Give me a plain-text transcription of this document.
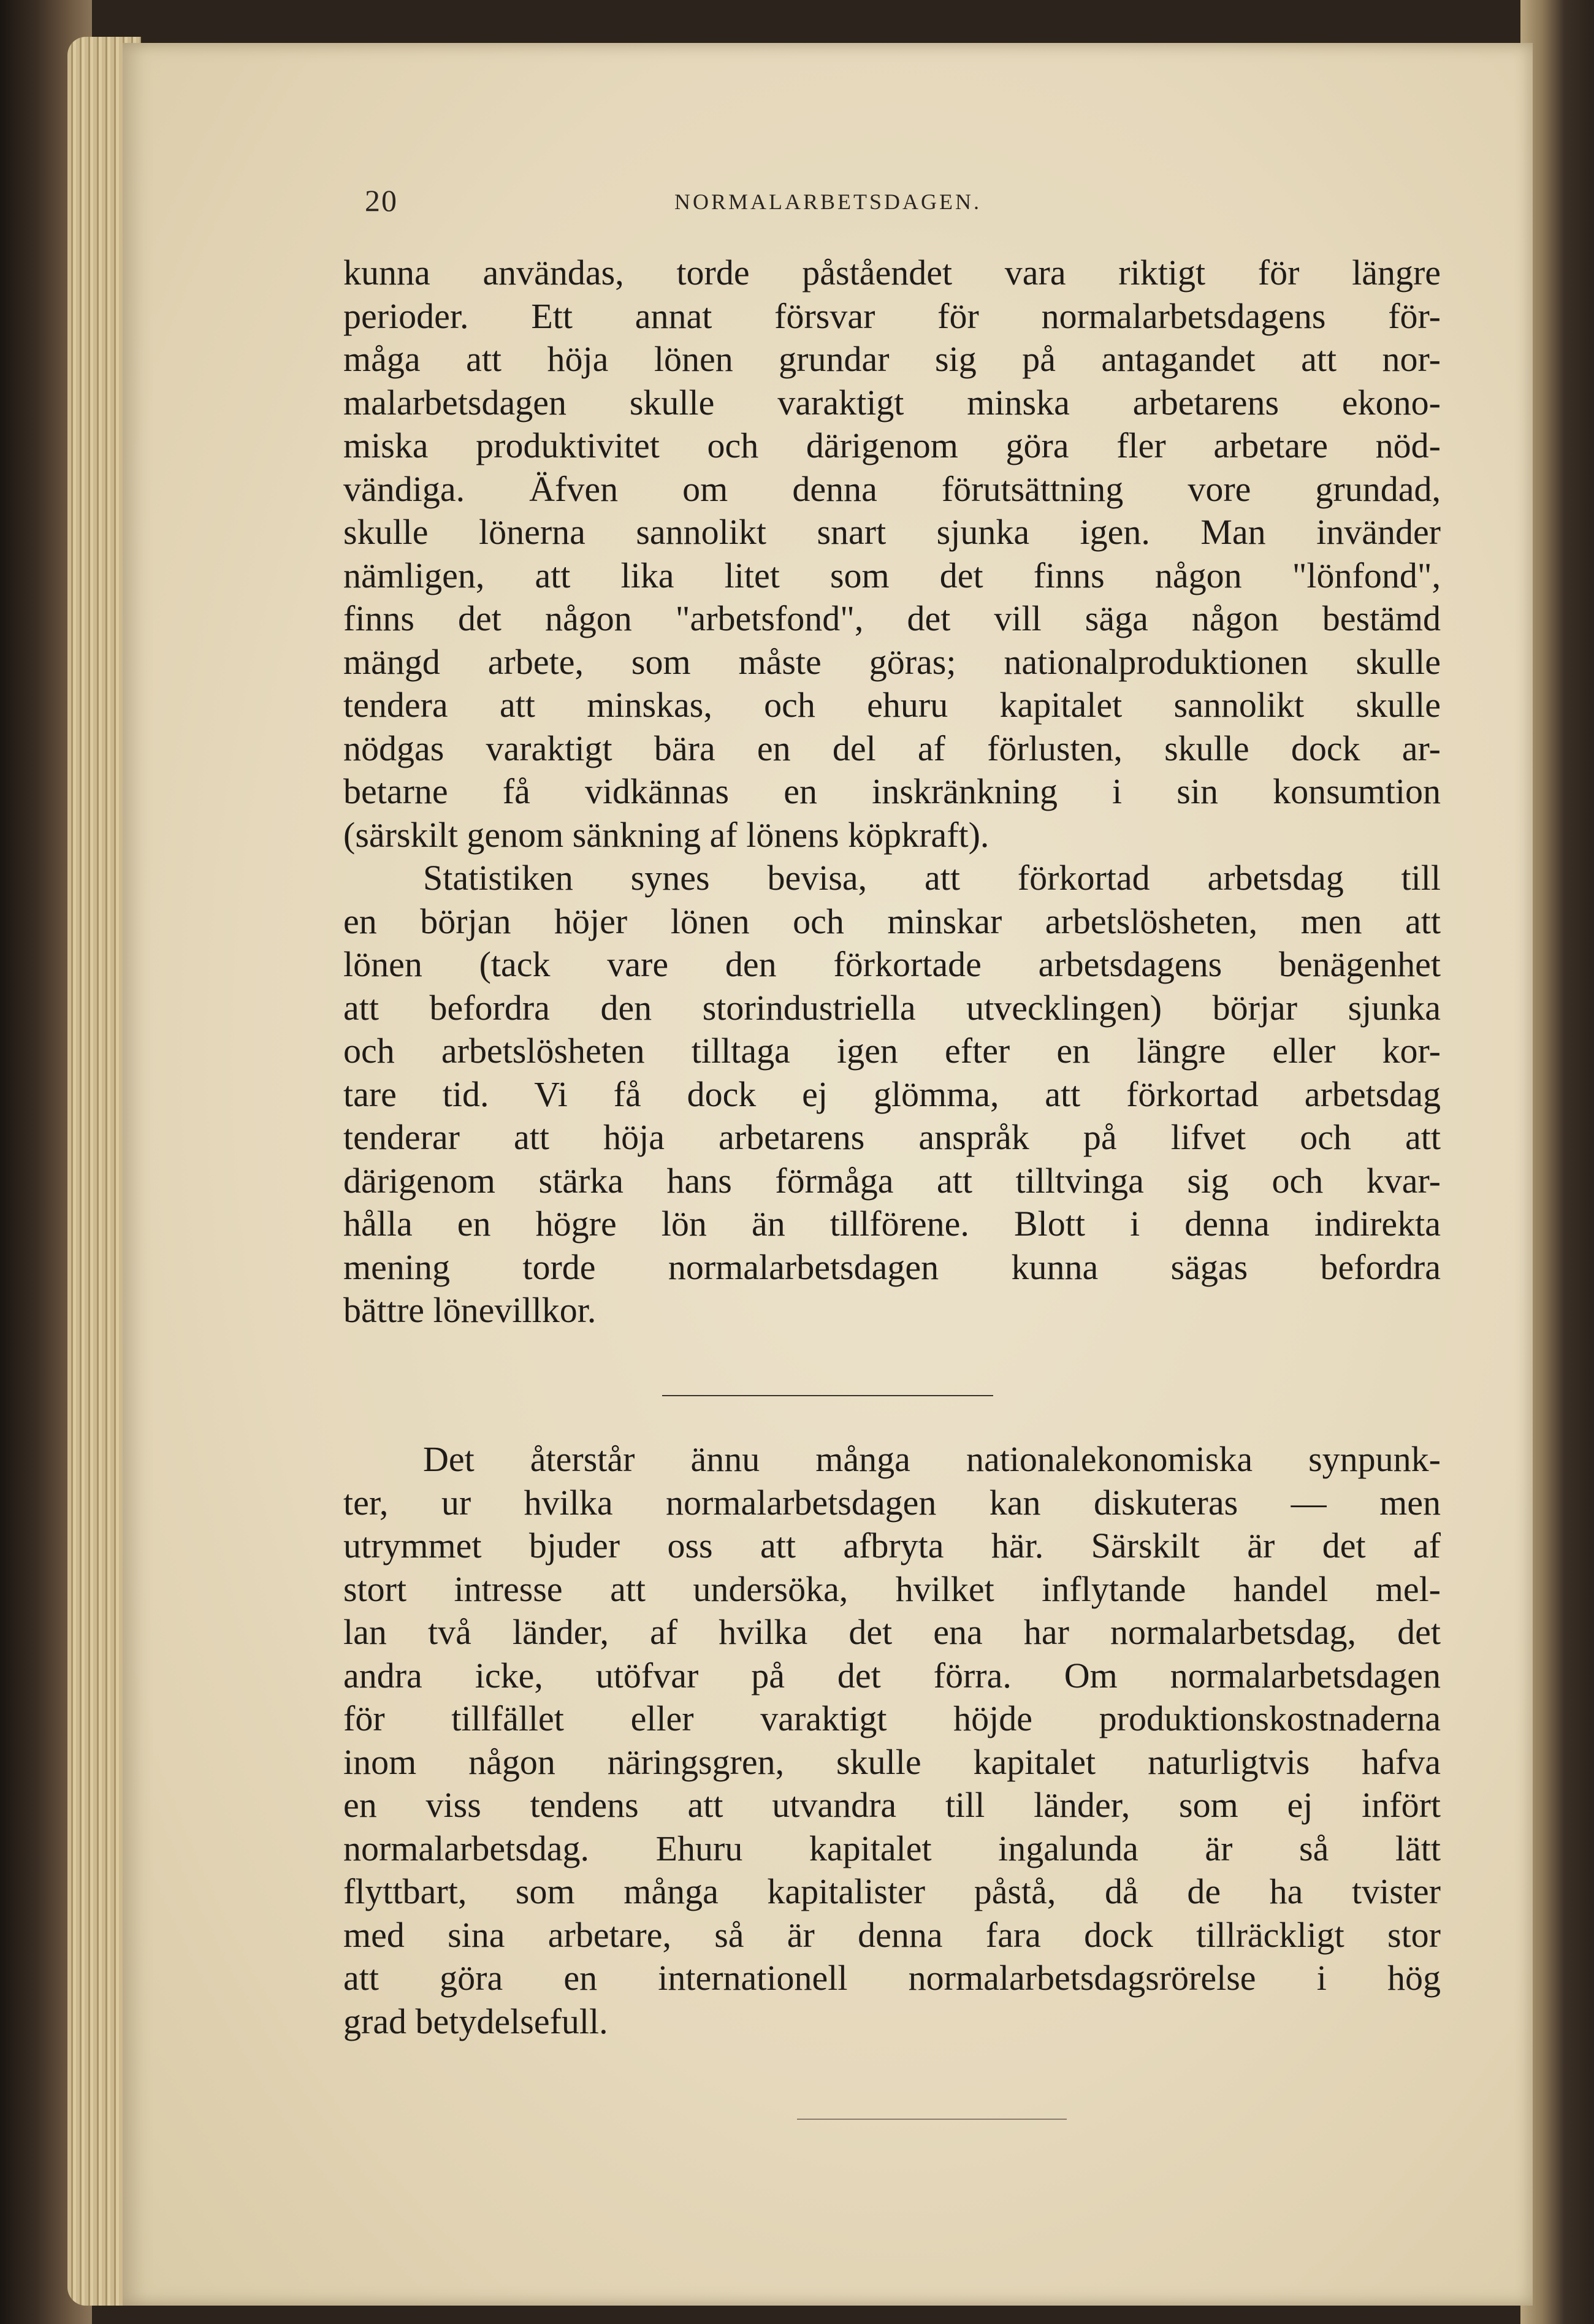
20	NORMALARBETSDAGEN.
kunna användas, torde påståendet vara riktigt för längre
perioder. Ett annat försvar för normalarbetsdagens för-
måga att höja lönen grundar sig på antagandet att nor-
malarbetsdagen skulle varaktigt minska arbetarens ekono-
miska produktivitet och därigenom göra fler arbetare nöd-
vändiga. Äfven om denna förutsättning vore grundad,
skulle lönerna sannolikt snart sjunka igen. Man invänder
nämligen, att lika litet som det finns någon "lönfond",
finns det någon "arbetsfond", det vill säga någon bestämd
mängd arbete, som måste göras; nationalproduktionen skulle
tendera att minskas, och ehuru kapitalet sannolikt skulle
nödgas varaktigt bära en del af förlusten, skulle dock ar-
betarne få vidkännas en inskränkning i sin konsumtion
(särskilt genom sänkning af lönens köpkraft).
Statistiken synes bevisa, att förkortad arbetsdag till
en början höjer lönen och minskar arbetslösheten, men att
lönen (tack vare den förkortade arbetsdagens benägenhet
att befordra den storindustriella utvecklingen) börjar sjunka
och arbetslösheten tilltaga igen efter en längre eller kor-
tare tid. Vi få dock ej glömma, att förkortad arbetsdag
tenderar att höja arbetarens anspråk på lifvet och att
därigenom stärka hans förmåga att tilltvinga sig och kvar-
hålla en högre lön än tillförene. Blott i denna indirekta
mening torde normalarbetsdagen kunna sägas befordra
bättre lönevillkor.
Det återstår ännu många nationalekonomiska synpunk-
ter, ur hvilka normalarbetsdagen kan diskuteras — men
utrymmet bjuder oss att afbryta här. Särskilt är det af
stort intresse att undersöka, hvilket inflytande handel mel-
lan två länder, af hvilka det ena har normalarbetsdag, det
andra icke, utöfvar på det förra. Om normalarbetsdagen
för tillfället eller varaktigt höjde produktionskostnaderna
inom någon näringsgren, skulle kapitalet naturligtvis hafva
en viss tendens att utvandra till länder, som ej infört
normalarbetsdag. Ehuru kapitalet ingalunda är så lätt
flyttbart, som många kapitalister påstå, då de ha tvister
med sina arbetare, så är denna fara dock tillräckligt stor
att göra en internationell normalarbetsdagsrörelse i hög
grad betydelsefull.
